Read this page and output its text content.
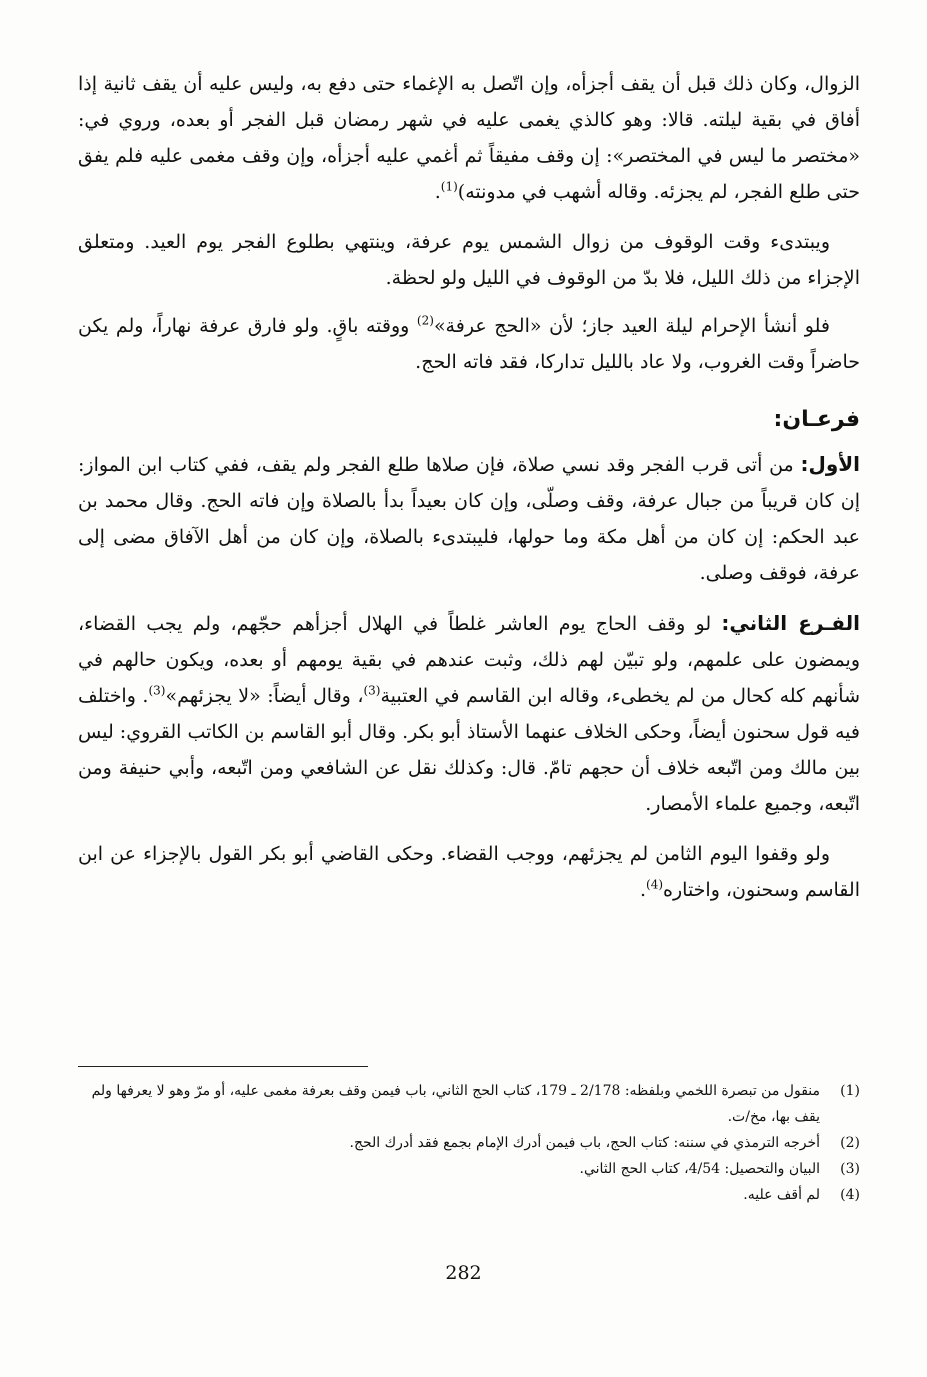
الزوال، وكان ذلك قبل أن يقف أجزأه، وإن اتّصل به الإغماء حتى دفع به، وليس عليه أن يقف ثانية إذا أفاق في بقية ليلته. قالا: وهو كالذي يغمى عليه في شهر رمضان قبل الفجر أو بعده، وروي في: «مختصر ما ليس في المختصر»: إن وقف مفيقاً ثم أغمي عليه أجزأه، وإن وقف مغمى عليه فلم يفق حتى طلع الفجر، لم يجزئه. وقاله أشهب في مدونته)$^{(1)}$.

ويبتدىء وقت الوقوف من زوال الشمس يوم عرفة، وينتهي بطلوع الفجر يوم العيد. ومتعلق الإجزاء من ذلك الليل، فلا بدّ من الوقوف في الليل ولو لحظة.

فلو أنشأ الإحرام ليلة العيد جاز؛ لأن «الحج عرفة»$^{(2)}$ ووقته باقٍ. ولو فارق عرفة نهاراً، ولم يكن حاضراً وقت الغروب، ولا عاد بالليل تداركا، فقد فاته الحج.

فرعـان:

الأول: من أتى قرب الفجر وقد نسي صلاة، فإن صلاها طلع الفجر ولم يقف، ففي كتاب ابن المواز: إن كان قريباً من جبال عرفة، وقف وصلّى، وإن كان بعيداً بدأ بالصلاة وإن فاته الحج. وقال محمد بن عبد الحكم: إن كان من أهل مكة وما حولها، فليبتدىء بالصلاة، وإن كان من أهل الآفاق مضى إلى عرفة، فوقف وصلى.

الفـرع الثاني: لو وقف الحاج يوم العاشر غلطاً في الهلال أجزأهم حجّهم، ولم يجب القضاء، ويمضون على علمهم، ولو تبيّن لهم ذلك، وثبت عندهم في بقية يومهم أو بعده، ويكون حالهم في شأنهم كله كحال من لم يخطىء، وقاله ابن القاسم في العتبية$^{(3)}$، وقال أيضاً: «لا يجزئهم»$^{(3)}$. واختلف فيه قول سحنون أيضاً، وحكى الخلاف عنهما الأستاذ أبو بكر. وقال أبو القاسم بن الكاتب القروي: ليس بين مالك ومن اتّبعه خلاف أن حجهم تامّ. قال: وكذلك نقل عن الشافعي ومن اتّبعه، وأبي حنيفة ومن اتّبعه، وجميع علماء الأمصار.

ولو وقفوا اليوم الثامن لم يجزئهم، ووجب القضاء. وحكى القاضي أبو بكر القول بالإجزاء عن ابن القاسم وسحنون، واختاره$^{(4)}$.

(1)
منقول من تبصرة اللخمي وبلفظه: 2/178 ـ 179، كتاب الحج الثاني، باب فيمن وقف بعرفة مغمى عليه، أو مرّ وهو لا يعرفها ولم يقف بها، مخ/ت.
(2)
أخرجه الترمذي في سننه: كتاب الحج، باب فيمن أدرك الإمام بجمع فقد أدرك الحج.
(3)
البيان والتحصيل: 4/54، كتاب الحج الثاني.
(4)
لم أقف عليه.
282
